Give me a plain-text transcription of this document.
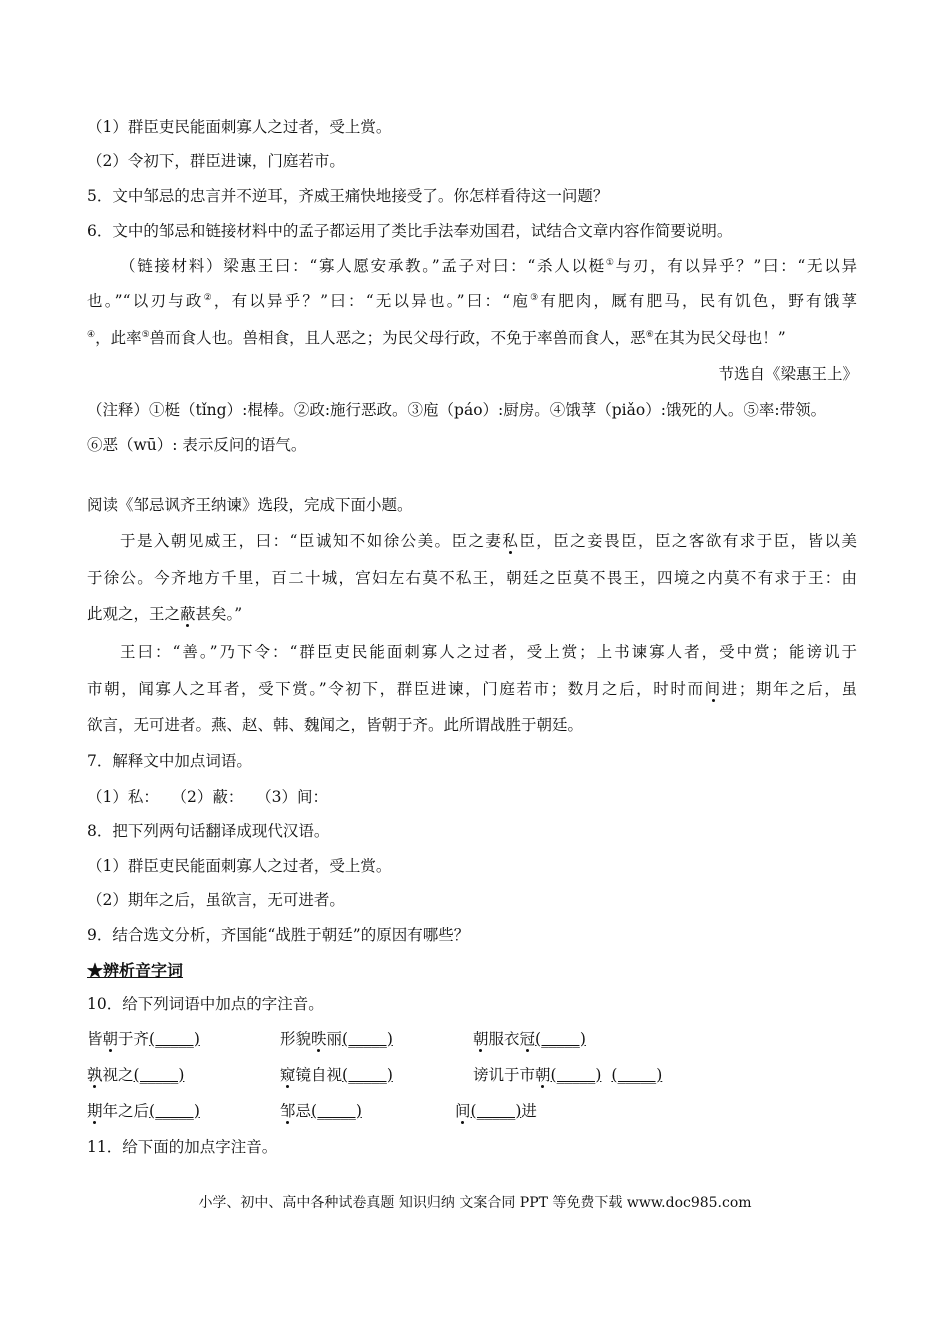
（1）群臣吏民能面刺寡人之过者，受上赏。
（2）令初下，群臣进谏，门庭若市。
5．文中邹忌的忠言并不逆耳，齐威王痛快地接受了。你怎样看待这一问题？
6．文中的邹忌和链接材料中的孟子都运用了类比手法奉劝国君，试结合文章内容作简要说明。
（链接材料）梁惠王曰：“寡人愿安承教。”孟子对曰：“杀人以梃①与刃，有以异乎？”曰：“无以异
也。”“以刃与政②，有以异乎？”曰：“无以异也。”曰：“庖③有肥肉，厩有肥马，民有饥色，野有饿莩
④，此率⑤兽而食人也。兽相食，且人恶之；为民父母行政，不免于率兽而食人，恶⑥在其为民父母也！”
节选自《梁惠王上》
（注释）①梃（tǐng）:棍棒。②政:施行恶政。③庖（páo）:厨房。④饿莩（piǎo）:饿死的人。⑤率:带领。
⑥恶（wū）: 表示反问的语气。
阅读《邹忌讽齐王纳谏》选段，完成下面小题。
于是入朝见威王，曰：“臣诚知不如徐公美。臣之妻私臣，臣之妾畏臣，臣之客欲有求于臣，皆以美
于徐公。今齐地方千里，百二十城，宫妇左右莫不私王，朝廷之臣莫不畏王，四境之内莫不有求于王：由
此观之，王之蔽甚矣。”
王曰：“善。”乃下令：“群臣吏民能面刺寡人之过者，受上赏；上书谏寡人者，受中赏；能谤讥于
市朝，闻寡人之耳者，受下赏。”令初下，群臣进谏，门庭若市；数月之后，时时而间进；期年之后，虽
欲言，无可进者。燕、赵、韩、魏闻之，皆朝于齐。此所谓战胜于朝廷。
7．解释文中加点词语。
（1）私：　 （2）蔽：　 （3）间：
8．把下列两句话翻译成现代汉语。
（1）群臣吏民能面刺寡人之过者，受上赏。
（2）期年之后，虽欲言，无可进者。
9．结合选文分析，齐国能“战胜于朝廷”的原因有哪些？
★辨析音字词
10．给下列词语中加点的字注音。
皆朝于齐(_____)	形貌昳丽(_____)	朝服衣冠(_____)
孰视之(_____)	窥镜自视(_____)	谤讥于市朝(_____) (_____)
期年之后(_____)	邹忌(_____)	间(_____)进
11．给下面的加点字注音。
小学、初中、高中各种试卷真题 知识归纳 文案合同 PPT 等免费下载 www.doc985.com
